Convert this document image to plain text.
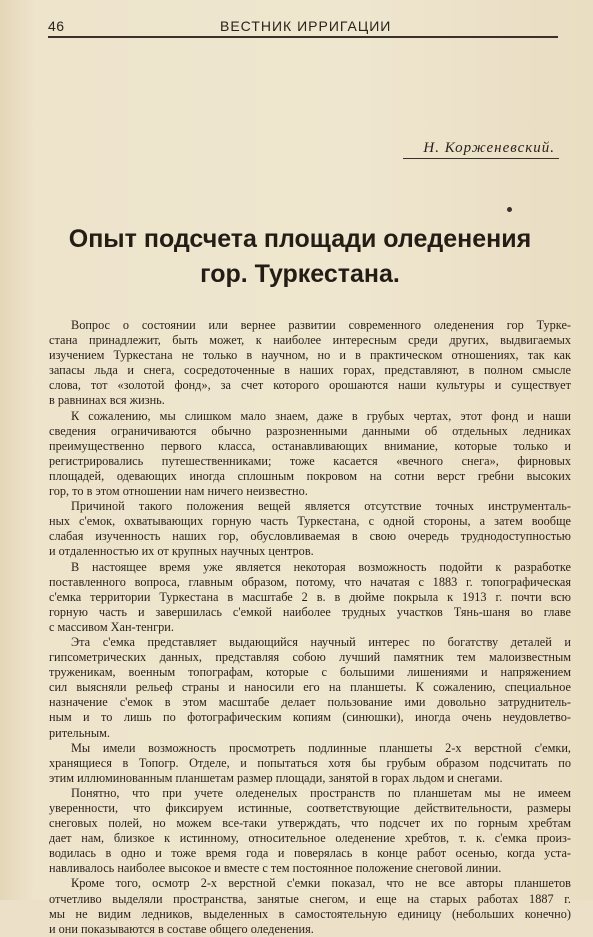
46	ВЕСТНИК ИРРИГАЦИИ
Н. Корженевский.
Опыт подсчета площади оледенения
гор. Туркестана.
Вопрос о состоянии или вернее развитии современного оледенения гор Турке-
стана принадлежит, быть может, к наиболее интересным среди других, выдвигаемых
изучением Туркестана не только в научном, но и в практическом отношениях, так как
запасы льда и снега, сосредоточенные в наших горах, представляют, в полном смысле
слова, тот «золотой фонд», за счет которого орошаются наши культуры и существует
в равнинах вся жизнь.
К сожалению, мы слишком мало знаем, даже в грубых чертах, этот фонд и наши
сведения ограничиваются обычно разрозненными данными об отдельных ледниках
преимущественно первого класса, останавливающих внимание, которые только и
регистрировались путешественниками; тоже касается «вечного снега», фирновых
площадей, одевающих иногда сплошным покровом на сотни верст гребни высоких
гор, то в этом отношении нам ничего неизвестно.
Причиной такого положения вещей является отсутствие точных инструменталь-
ных с'емок, охватывающих горную часть Туркестана, с одной стороны, а затем вообще
слабая изученность наших гор, обусловливаемая в свою очередь труднодоступностью
и отдаленностью их от крупных научных центров.
В настоящее время уже является некоторая возможность подойти к разработке
поставленного вопроса, главным образом, потому, что начатая с 1883 г. топографическая
с'емка территории Туркестана в масштабе 2 в. в дюйме покрыла к 1913 г. почти всю
горную часть и завершилась с'емкой наиболее трудных участков Тянь-шаня во главе
с массивом Хан-тенгри.
Эта с'емка представляет выдающийся научный интерес по богатству деталей и
гипсометрических данных, представляя собою лучший памятник тем малоизвестным
труженикам, военным топографам, которые с большими лишениями и напряжением
сил выясняли рельеф страны и наносили его на планшеты. К сожалению, специальное
назначение с'емок в этом масштабе делает пользование ими довольно затруднитель-
ным и то лишь по фотографическим копиям (синюшки), иногда очень неудовлетво-
рительным.
Мы имели возможность просмотреть подлинные планшеты 2-х верстной с'емки,
хранящиеся в Топогр. Отделе, и попытаться хотя бы грубым образом подсчитать по
этим иллюминованным планшетам размер площади, занятой в горах льдом и снегами.
Понятно, что при учете оледенелых пространств по планшетам мы не имеем
уверенности, что фиксируем истинные, соответствующие действительности, размеры
снеговых полей, но можем все-таки утверждать, что подсчет их по горным хребтам
дает нам, близкое к истинному, относительное оледенение хребтов, т. к. с'емка произ-
водилась в одно и тоже время года и поверялась в конце работ осенью, когда уста-
навливалось наиболее высокое и вместе с тем постоянное положение снеговой линии.
Кроме того, осмотр 2-х верстной с'емки показал, что не все авторы планшетов
отчетливо выделяли пространства, занятые снегом, и еще на старых работах 1887 г.
мы не видим ледников, выделенных в самостоятельную единицу (небольших конечно)
и они показываются в составе общего оледенения.
